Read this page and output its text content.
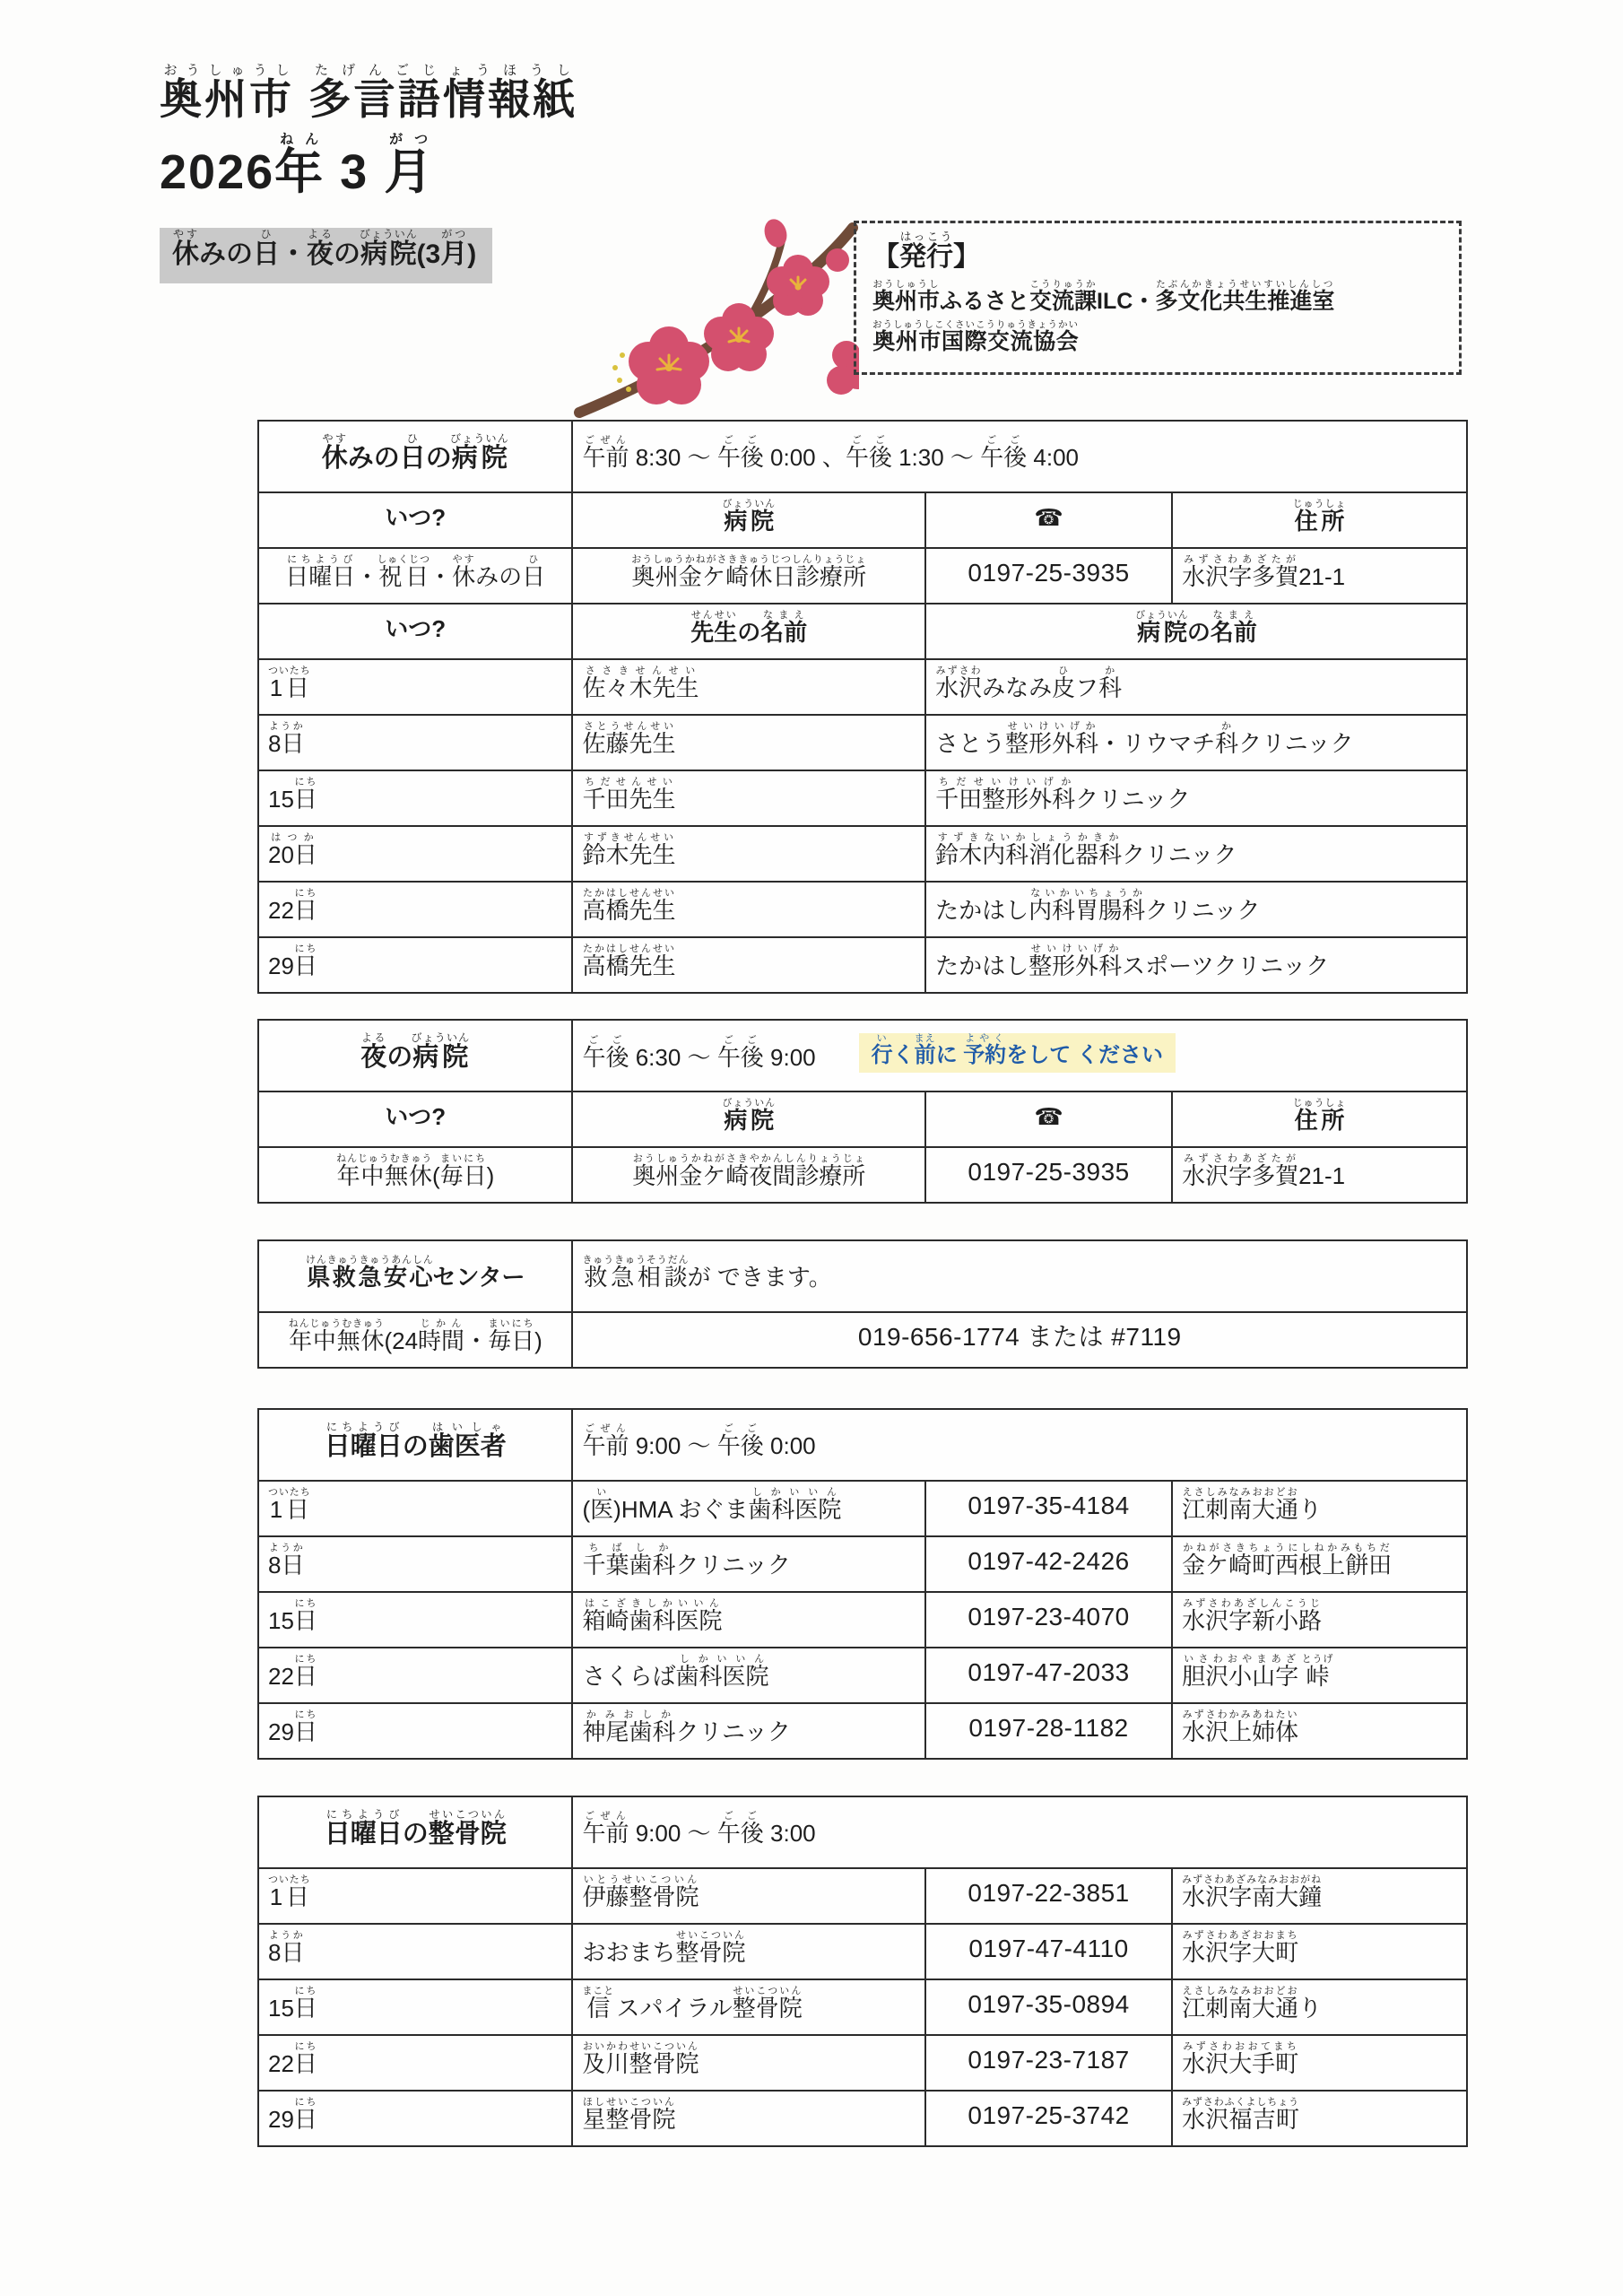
奥州市おうしゅうし 多言語情報紙たげんごじょうほうし
2026年ねん 3 月がつ
休やすみの日ひ・夜よるの病院びょういん(3月がつ)	【発行はっこう】
奥州市おうしゅうしふるさと交流課こうりゅうかILC・多文化共生推進室たぶんかきょうせいすいしんしつ
奥州市国際交流協会おうしゅうしこくさいこうりゅうきょうかい
休やすみの日ひの病院びょういん	午前ごぜん 8:30 ～ 午後ごご 0:00 、午後ごご 1:30 ～ 午後ごご 4:00		
いつ?	病院びょういん	☎	住所じゅうしょ
日曜日にちようび・祝日しゅくじつ・休やすみの日ひ	奥州金ケ崎休日診療所おうしゅうかねがさききゅうじつしんりょうじょ	0197-25-3935	水沢字多賀みずさわあざたが21-1
いつ?	先生せんせいの名前なまえ	病院びょういんの名前なまえ	
1日ついたち	佐々木先生ささきせんせい	水沢みずさわみなみ皮ひフ科か	
8日ようか	佐藤先生さとうせんせい	さとう整形外科せいけいげか・リウマチ科かクリニック	
15日にち	千田先生ちだせんせい	千田整形外科ちだせいけいげかクリニック	
20日はつか	鈴木先生すずきせんせい	鈴木内科消化器科すずきないかしょうかきかクリニック	
22日にち	高橋先生たかはしせんせい	たかはし内科胃腸科ないかいちょうかクリニック	
29日にち	高橋先生たかはしせんせい	たかはし整形外科せいけいげかスポーツクリニック	
夜よるの病院びょういん	午後ごご 6:30 ～ 午後ごご 9:00 行いく前まえに 予約よやくをして ください		

いつ?	病院びょういん	☎	住所じゅうしょ
年中無休ねんじゅうむきゅう(毎日まいにち)	奥州金ケ崎夜間診療所おうしゅうかねがさきやかんしんりょうじょ	0197-25-3935	水沢字多賀みずさわあざたが21-1
県救急安心けんきゅうきゅうあんしんセンター	救急相談きゅうきゅうそうだんが できます。
年中無休ねんじゅうむきゅう(24時間じかん・毎日まいにち)	019-656-1774 または #7119
日曜日にちようびの歯医者はいしゃ	午前ごぜん 9:00 ～ 午後ごご 0:00		
1日ついたち	(医い)HMA おぐま歯科医院しかいいん	0197-35-4184	江刺南大通えさしみなみおおどおり
8日ようか	千葉歯科ちばしかクリニック	0197-42-2426	金ケ崎町西根上餅田かねがさきちょうにしねかみもちだ
15日にち	箱崎歯科医院はこざきしかいいん	0197-23-4070	水沢字新小路みずさわあざしんこうじ
22日にち	さくらば歯科医院しかいいん	0197-47-2033	胆沢小山字いさわおやまあざ 峠とうげ
29日にち	神尾歯科かみおしかクリニック	0197-28-1182	水沢上姉体みずさわかみあねたい
日曜日にちようびの整骨院せいこついん	午前ごぜん 9:00 ～ 午後ごご 3:00		
1日ついたち	伊藤整骨院いとうせいこついん	0197-22-3851	水沢字南大鐘みずさわあざみなみおおがね
8日ようか	おおまち整骨院せいこついん	0197-47-4110	水沢字大町みずさわあざおおまち
15日にち	信まこと スパイラル整骨院せいこついん	0197-35-0894	江刺南大通えさしみなみおおどおり
22日にち	及川整骨院おいかわせいこついん	0197-23-7187	水沢大手町みずさわおおてまち
29日にち	星整骨院ほしせいこついん	0197-25-3742	水沢福吉町みずさわふくよしちょう
